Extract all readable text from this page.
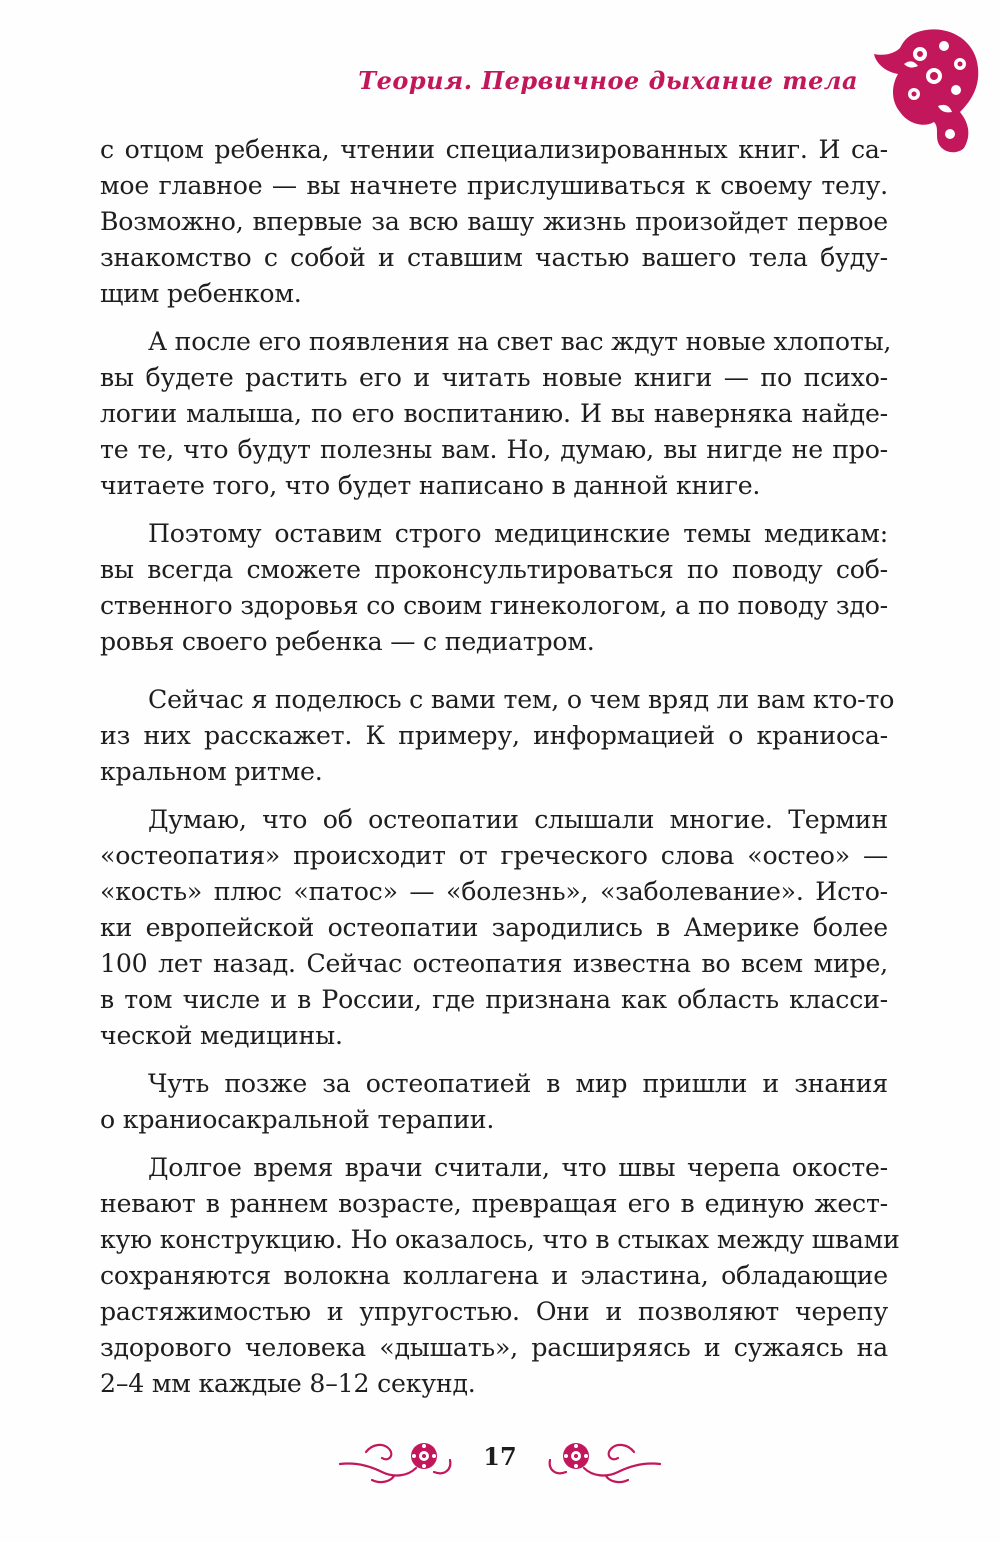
Теория. Первичное дыхание тела

с отцом ребенка, чтении специализированных книг. И са-
мое главное — вы начнете прислушиваться к своему телу.
Возможно, впервые за всю вашу жизнь произойдет первое
знакомство с собой и ставшим частью вашего тела буду-
щим ребенком.

А после его появления на свет вас ждут новые хлопоты,
вы будете растить его и читать новые книги — по психо-
логии малыша, по его воспитанию. И вы наверняка найде-
те те, что будут полезны вам. Но, думаю, вы нигде не про-
читаете того, что будет написано в данной книге.

Поэтому оставим строго медицинские темы медикам:
вы всегда сможете проконсультироваться по поводу соб-
ственного здоровья со своим гинекологом, а по поводу здо-
ровья своего ребенка — с педиатром.

Сейчас я поделюсь с вами тем, о чем вряд ли вам кто-то
из них расскажет. К примеру, информацией о краниоса-
кральном ритме.

Думаю, что об остеопатии слышали многие. Термин
«остеопатия» происходит от греческого слова «остео» —
«кость» плюс «патос» — «болезнь», «заболевание». Исто-
ки европейской остеопатии зародились в Америке более
100 лет назад. Сейчас остеопатия известна во всем мире,
в том числе и в России, где признана как область класси-
ческой медицины.

Чуть позже за остеопатией в мир пришли и знания
о краниосакральной терапии.

Долгое время врачи считали, что швы черепа окосте-
невают в раннем возрасте, превращая его в единую жест-
кую конструкцию. Но оказалось, что в стыках между швами
сохраняются волокна коллагена и эластина, обладающие
растяжимостью и упругостью. Они и позволяют черепу
здорового человека «дышать», расширяясь и сужаясь на
2–4 мм каждые 8–12 секунд.

17
